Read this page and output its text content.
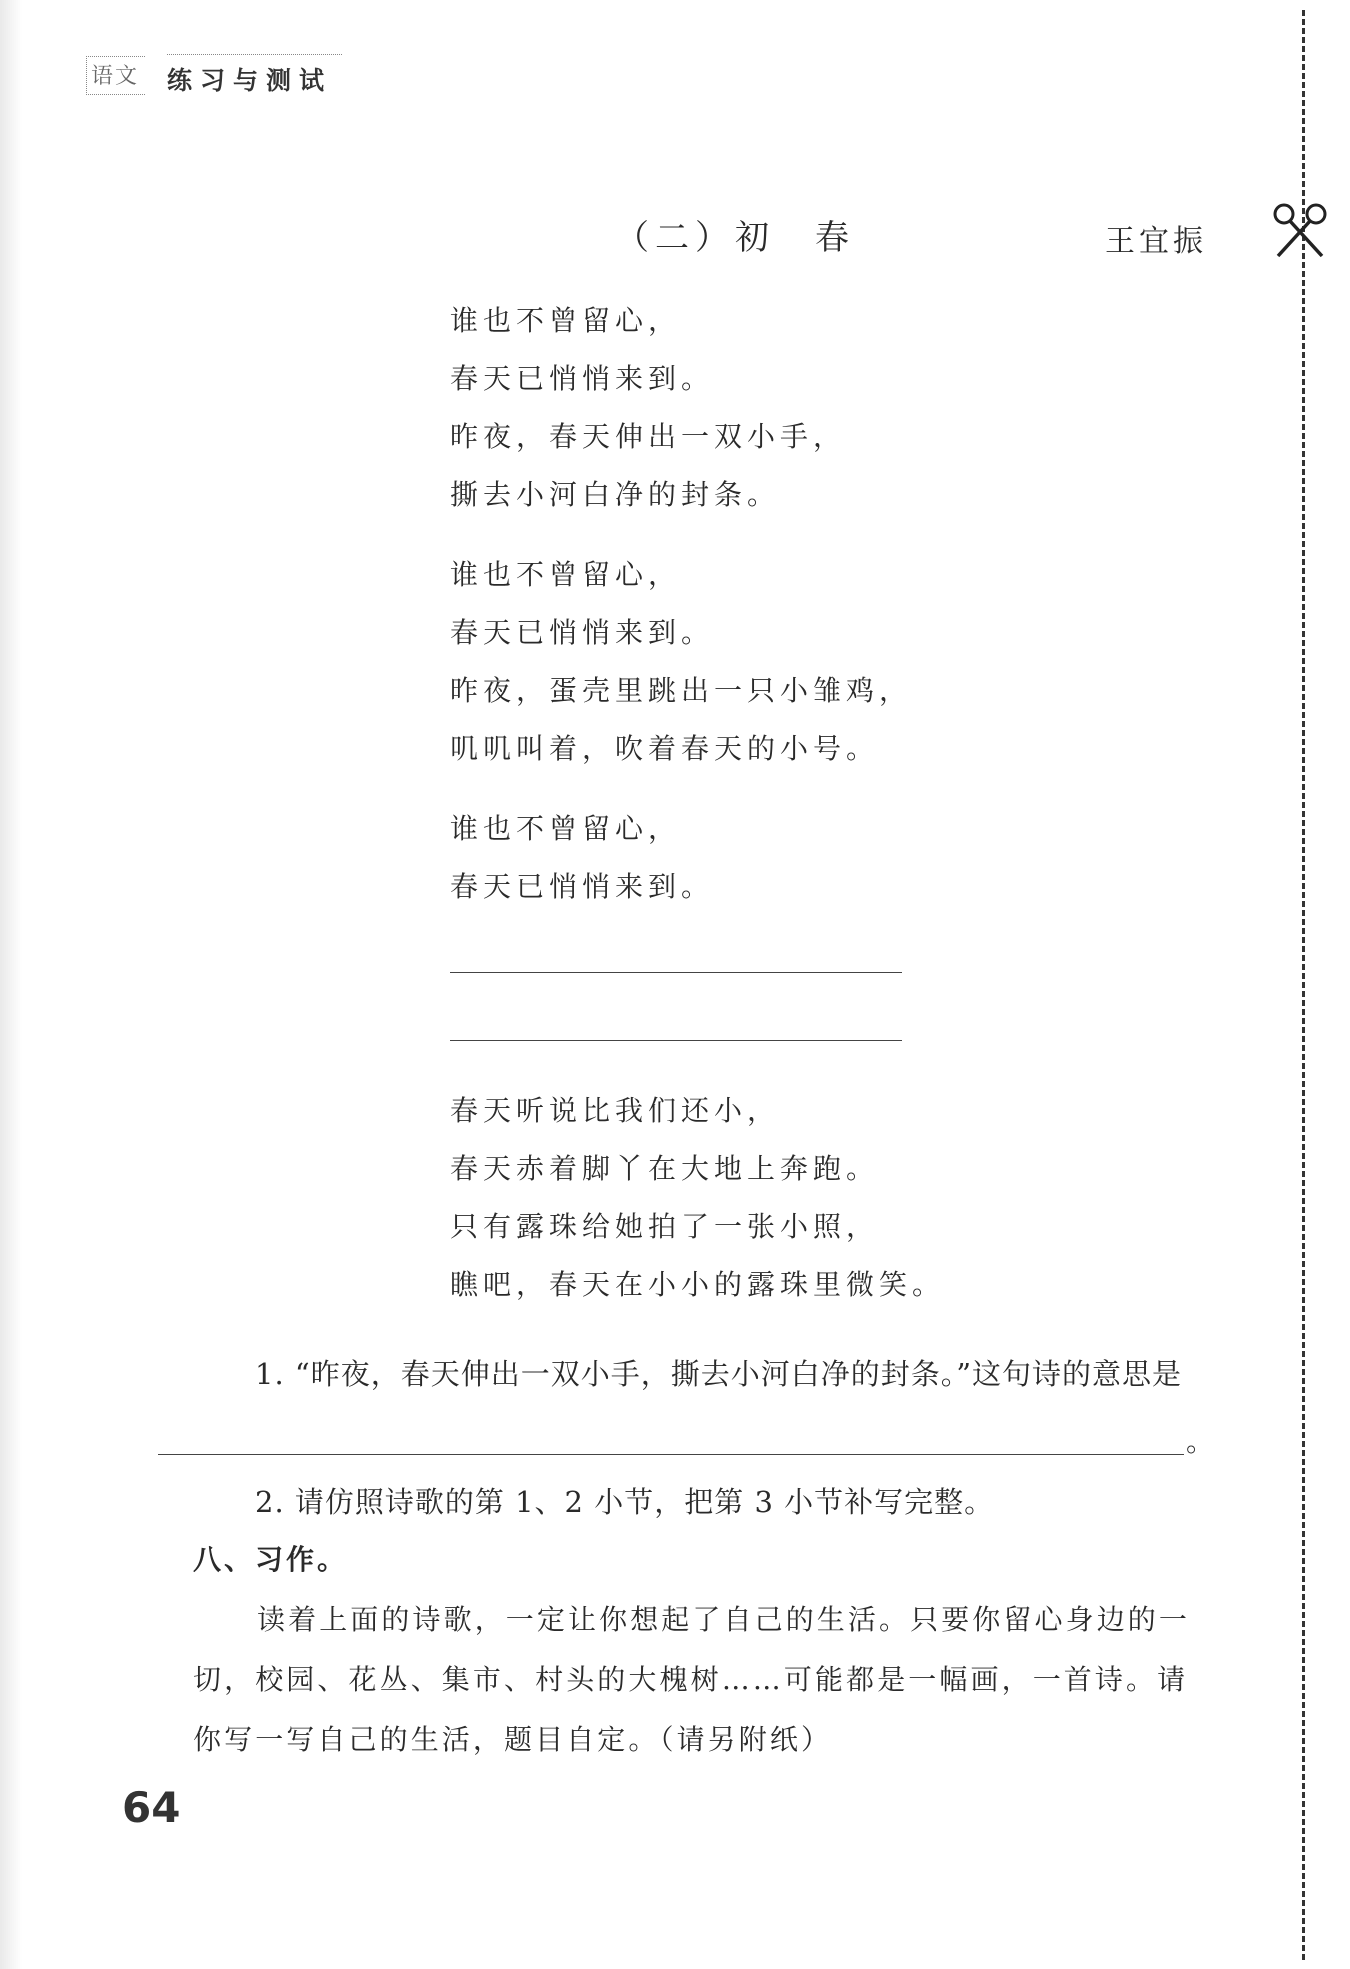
语文 练习与测试
（二）初　春	王宜振
谁也不曾留心，
春天已悄悄来到。
昨夜，春天伸出一双小手，
撕去小河白净的封条。
谁也不曾留心，
春天已悄悄来到。
昨夜，蛋壳里跳出一只小雏鸡，
叽叽叫着，吹着春天的小号。
谁也不曾留心，
春天已悄悄来到。
春天听说比我们还小，
春天赤着脚丫在大地上奔跑。
只有露珠给她拍了一张小照，
瞧吧，春天在小小的露珠里微笑。
1. “昨夜，春天伸出一双小手，撕去小河白净的封条。”这句诗的意思是
。
2. 请仿照诗歌的第 1、2 小节，把第 3 小节补写完整。
八、习作。
读着上面的诗歌，一定让你想起了自己的生活。只要你留心身边的一切，校园、花丛、集市、村头的大槐树……可能都是一幅画，一首诗。请你写一写自己的生活，题目自定。（请另附纸）
64
